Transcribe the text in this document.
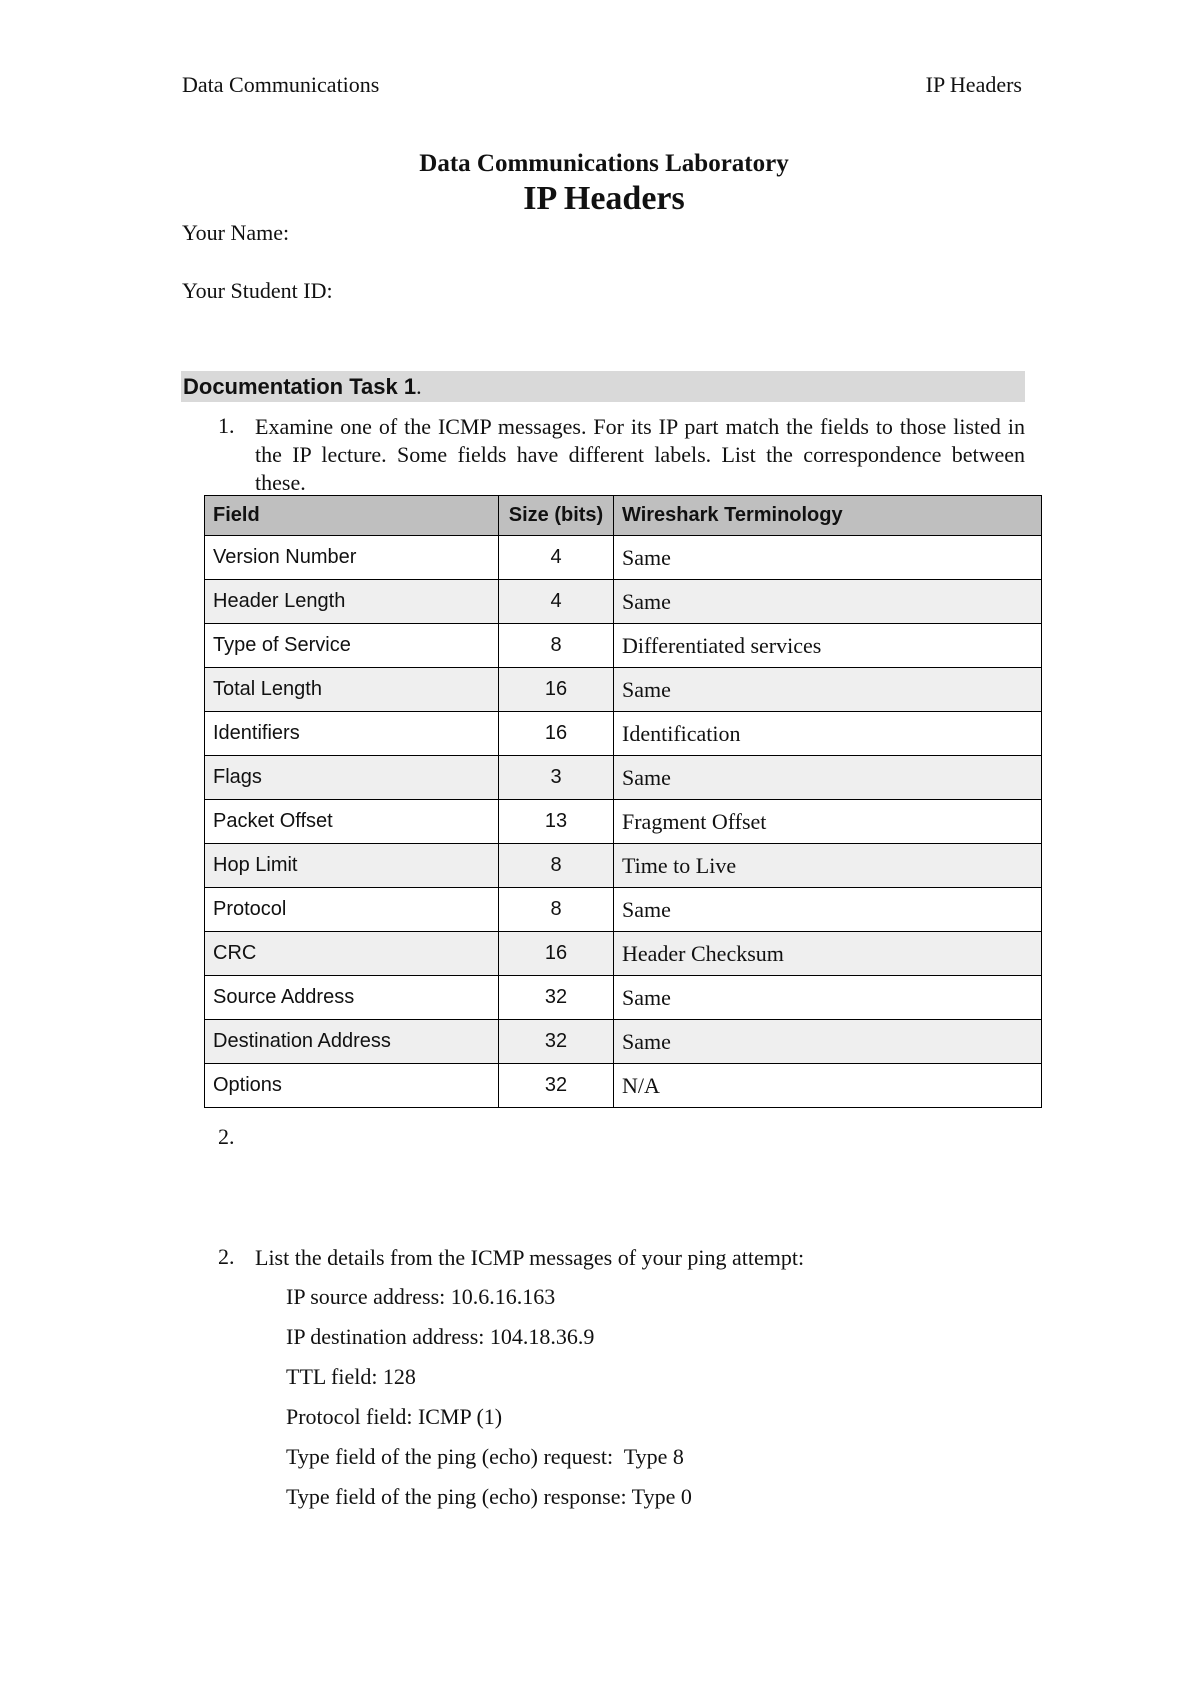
Data Communications	IP Headers
Data Communications Laboratory
IP Headers
Your Name:
Your Student ID:
Documentation Task 1.
1. Examine one of the ICMP messages. For its IP part match the fields to those listed in the IP lecture. Some fields have different labels. List the correspondence between these.
Field	Size (bits)	Wireshark Terminology
Version Number	4	Same
Header Length	4	Same
Type of Service	8	Differentiated services
Total Length	16	Same
Identifiers	16	Identification
Flags	3	Same
Packet Offset	13	Fragment Offset
Hop Limit	8	Time to Live
Protocol	8	Same
CRC	16	Header Checksum
Source Address	32	Same
Destination Address	32	Same
Options	32	N/A
2.
2. List the details from the ICMP messages of your ping attempt:
IP source address: 10.6.16.163
IP destination address: 104.18.36.9
TTL field: 128
Protocol field: ICMP (1)
Type field of the ping (echo) request:  Type 8
Type field of the ping (echo) response: Type 0
